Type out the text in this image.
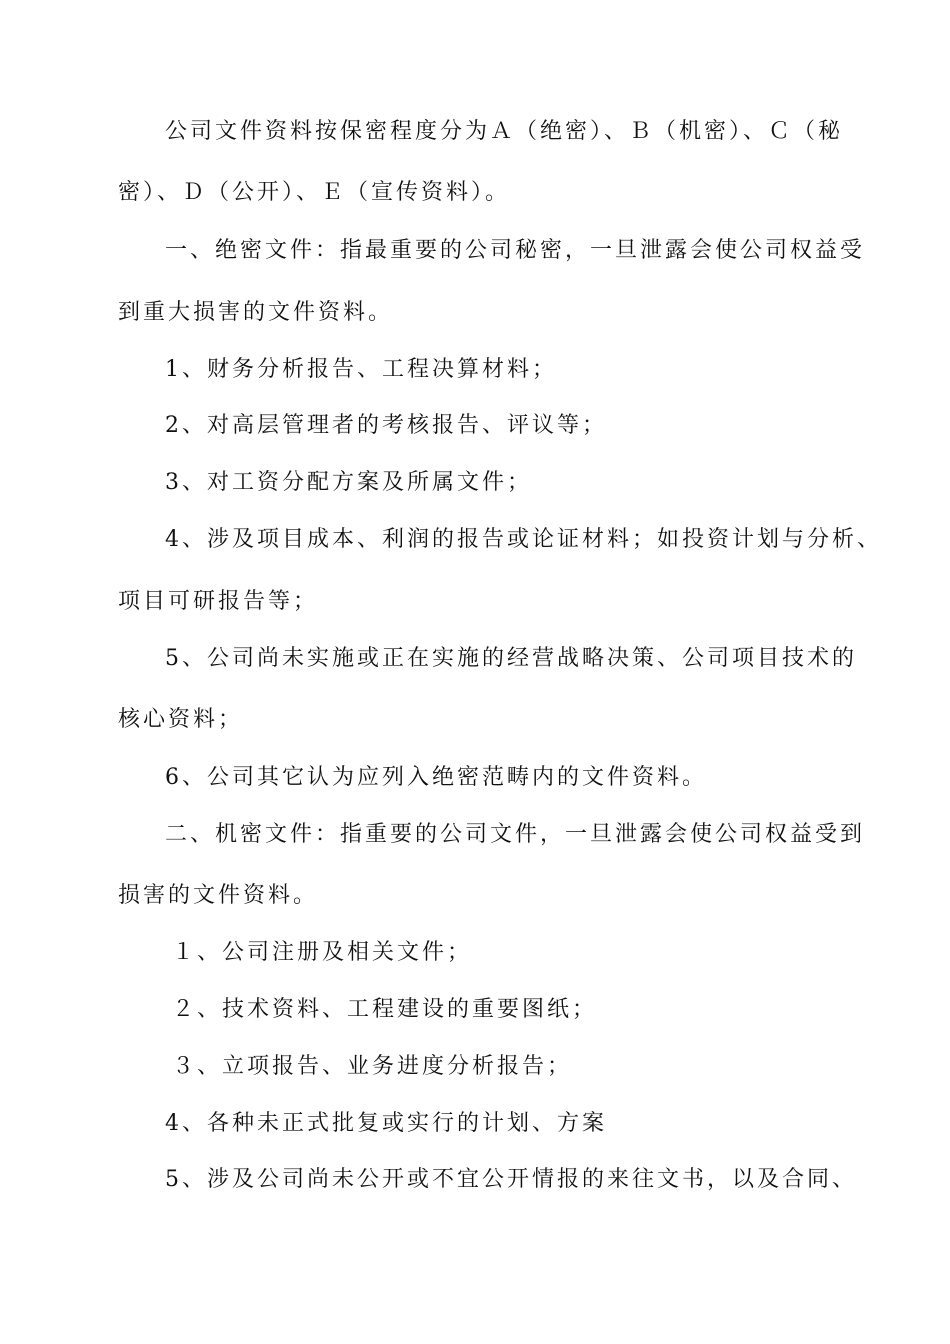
公司文件资料按保密程度分为Ａ（绝密）、Ｂ（机密）、Ｃ（秘
密）、Ｄ（公开）、Ｅ（宣传资料）。
一、绝密文件：指最重要的公司秘密，一旦泄露会使公司权益受
到重大损害的文件资料。
1、财务分析报告、工程决算材料；
2、对高层管理者的考核报告、评议等；
3、对工资分配方案及所属文件；
4、涉及项目成本、利润的报告或论证材料；如投资计划与分析、
项目可研报告等；
5、公司尚未实施或正在实施的经营战略决策、公司项目技术的
核心资料；
6、公司其它认为应列入绝密范畴内的文件资料。
二、机密文件：指重要的公司文件，一旦泄露会使公司权益受到
损害的文件资料。
１、公司注册及相关文件；
２、技术资料、工程建设的重要图纸；
３、立项报告、业务进度分析报告；
4、各种未正式批复或实行的计划、方案
5、涉及公司尚未公开或不宜公开情报的来往文书，以及合同、
